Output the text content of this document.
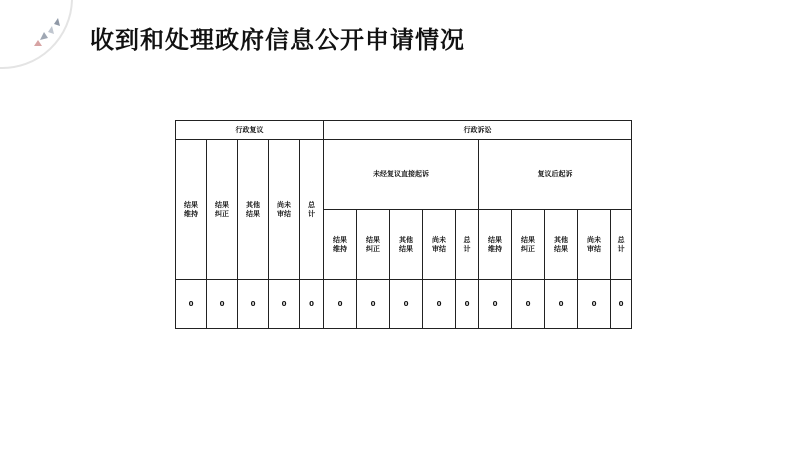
收到和处理政府信息公开申请情况
行政复议					行政诉讼									
结果维持	结果纠正	其他结果	尚未审结	总计	未经复议直接起诉					复议后起诉				
					结果维持	结果纠正	其他结果	尚未审结	总计	结果维持	结果纠正	其他结果	尚未审结	总计
0	0	0	0	0	0	0	0	0	0	0	0	0	0	0
